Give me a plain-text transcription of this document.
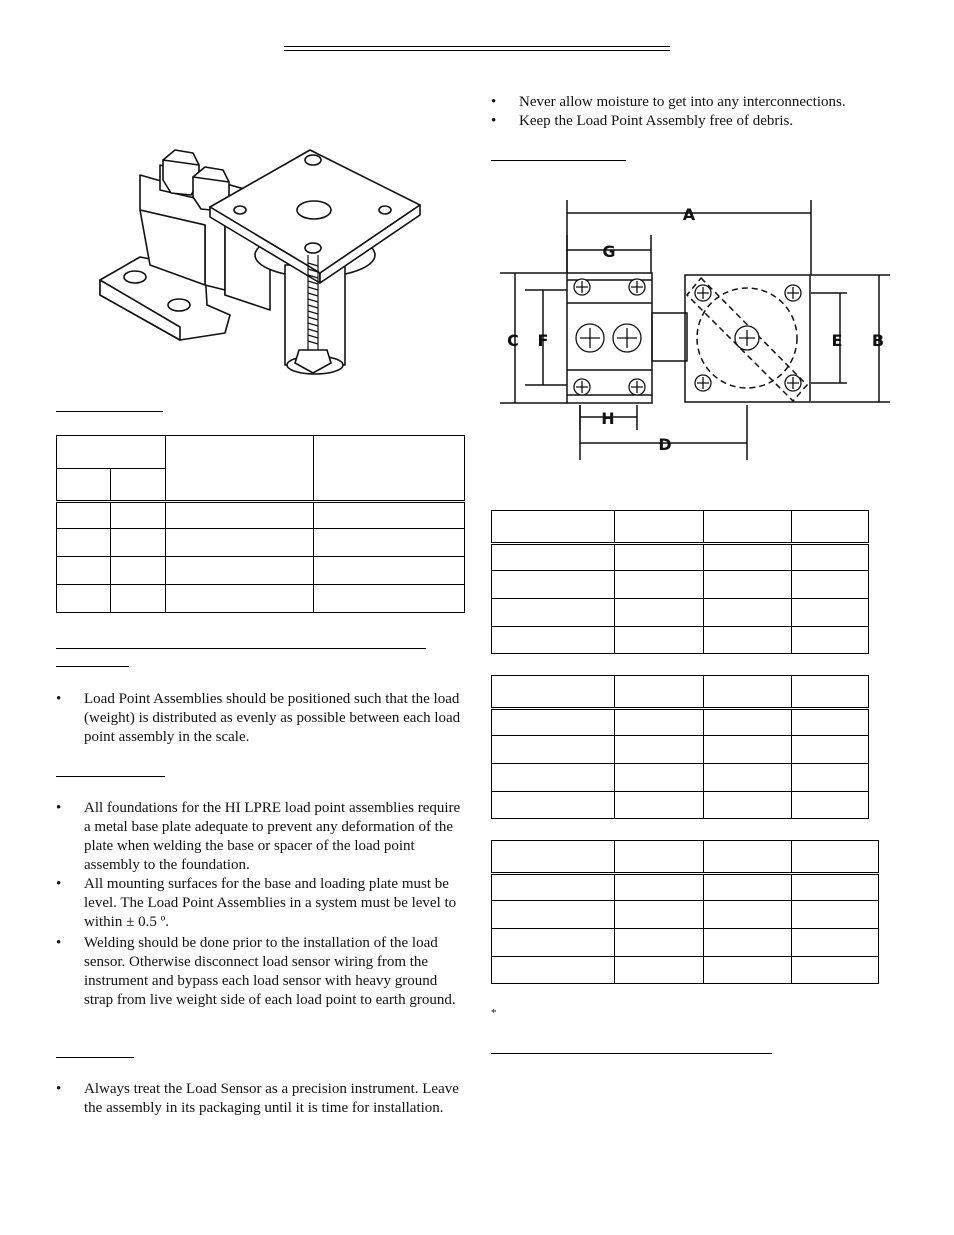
• Never allow moisture to get into any interconnections.
• Keep the Load Point Assembly free of debris.
A
B
C
D
E
F
G
H

• Load Point Assemblies should be positioned such that the load (weight) is distributed as evenly as possible between each load point assembly in the scale.
• All foundations for the HI LPRE load point assemblies require a metal base plate adequate to prevent any deformation of the plate when welding the base or spacer of the load point assembly to the foundation.
• All mounting surfaces for the base and loading plate must be level. The Load Point Assemblies in a system must be level to within ± 0.5 º.
• Welding should be done prior to the installation of the load sensor. Otherwise disconnect load sensor wiring from the instrument and bypass each load sensor with heavy ground strap from live weight side of each load point to earth ground.
• Always treat the Load Sensor as a precision instrument. Leave the assembly in its packaging until it is time for installation.

*
